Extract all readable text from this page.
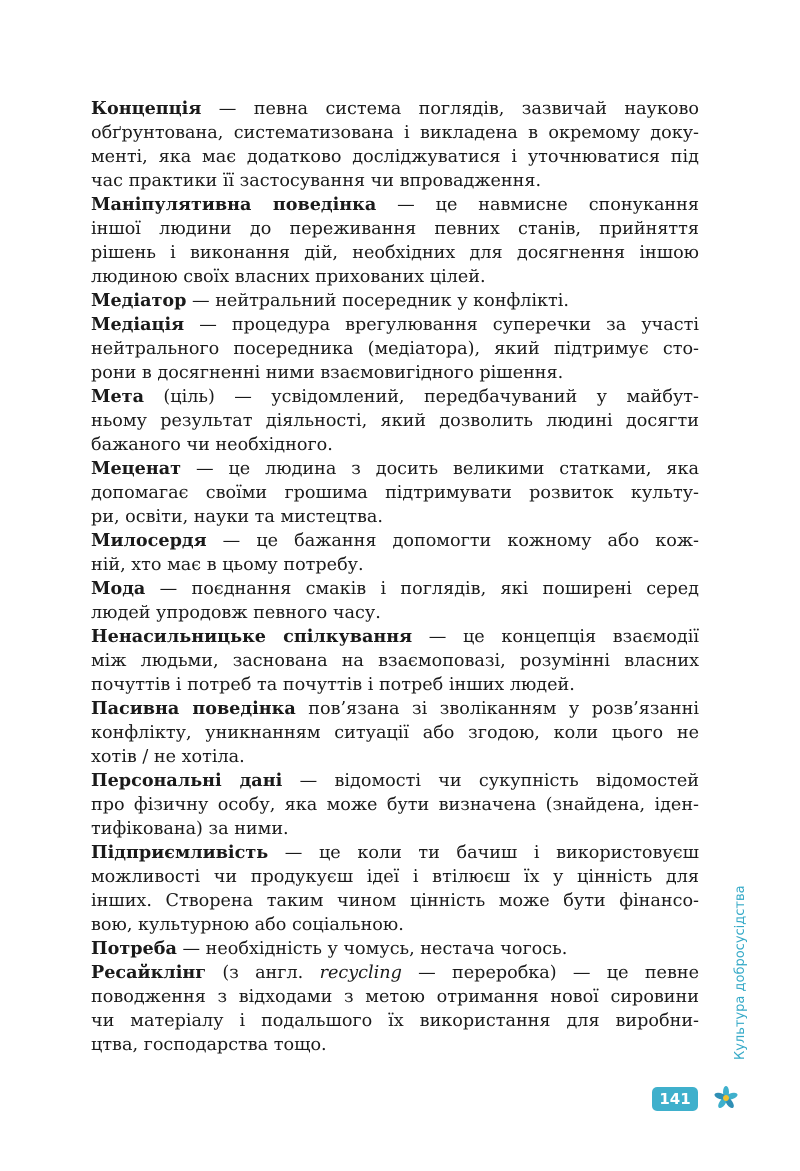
Концепція — певна система поглядів, зазвичай науково
обґрунтована, систематизована і викладена в окремому доку-
менті, яка має додатково досліджуватися і уточнюватися під
час практики її застосування чи впровадження.
Маніпулятивна поведінка — це навмисне спонукання
іншої людини до переживання певних станів, прийняття
рішень і виконання дій, необхідних для досягнення іншою
людиною своїх власних прихованих цілей.
Медіатор — нейтральний посередник у конфлікті.
Медіація — процедура врегулювання суперечки за участі
нейтрального посередника (медіатора), який підтримує сто-
рони в досягненні ними взаємовигідного рішення.
Мета (ціль) — усвідомлений, передбачуваний у майбут-
ньому результат діяльності, який дозволить людині досягти
бажаного чи необхідного.
Меценат — це людина з досить великими статками, яка
допомагає своїми грошима підтримувати розвиток культу-
ри, освіти, науки та мистецтва.
Милосердя — це бажання допомогти кожному або кож-
ній, хто має в цьому потребу.
Мода — поєднання смаків і поглядів, які поширені серед
людей упродовж певного часу.
Ненасильницьке спілкування — це концепція взаємодії
між людьми, заснована на взаємоповазі, розумінні власних
почуттів і потреб та почуттів і потреб інших людей.
Пасивна поведінка пов’язана зі зволіканням у розв’язанні
конфлікту, уникнанням ситуації або згодою, коли цього не
хотів / не хотіла.
Персональні дані — відомості чи сукупність відомостей
про фізичну особу, яка може бути визначена (знайдена, іден-
тифікована) за ними.
Підприємливість — це коли ти бачиш і використовуєш
можливості чи продукуєш ідеї і втілюєш їх у цінність для
інших. Створена таким чином цінність може бути фінансо-
вою, культурною або соціальною.
Потреба — необхідність у чомусь, нестача чогось.
Ресайклінг (з англ. recycling — переробка) — це певне
поводження з відходами з метою отримання нової сировини
чи матеріалу і подальшого їх використання для виробни-
цтва, господарства тощо.	Культура добросусідства
141
